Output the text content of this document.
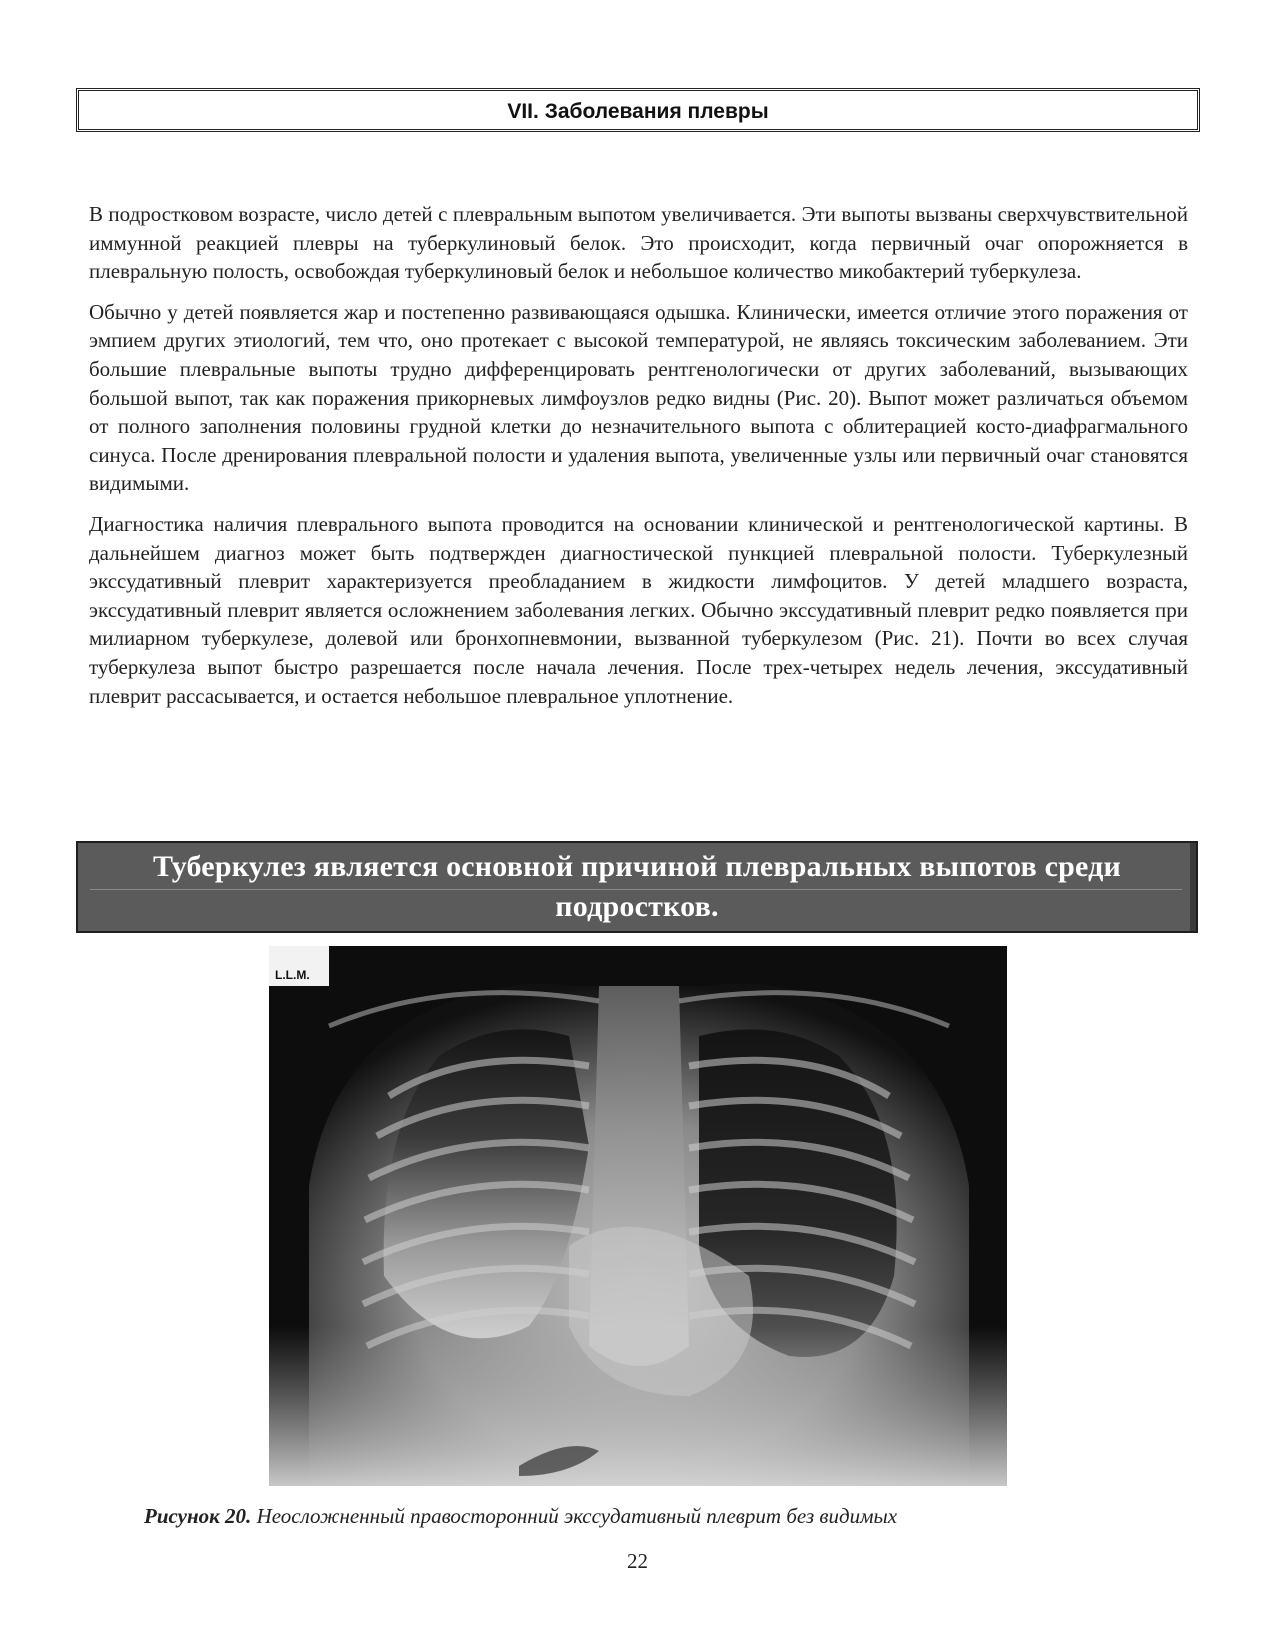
VII. Заболевания плевры

В подростковом возрасте, число детей с плевральным выпотом увеличивается. Эти выпоты вызваны сверхчувствительной иммунной реакцией плевры на туберкулиновый белок. Это происходит, когда первичный очаг опорожняется в плевральную полость, освобождая туберкулиновый белок и небольшое количество микобактерий туберкулеза.

Обычно у детей появляется жар и постепенно развивающаяся одышка. Клинически, имеется отличие этого поражения от эмпием других этиологий, тем что, оно протекает с высокой температурой, не являясь токсическим заболеванием. Эти большие плевральные выпоты трудно дифференцировать рентгенологически от других заболеваний, вызывающих большой выпот, так как поражения прикорневых лимфоузлов редко видны (Рис. 20). Выпот может различаться объемом от полного заполнения половины грудной клетки до незначительного выпота с облитерацией косто-диафрагмального синуса. После дренирования плевральной полости и удаления выпота, увеличенные узлы или первичный очаг становятся видимыми.

Диагностика наличия плеврального выпота проводится на основании клинической и рентгенологической картины. В дальнейшем диагноз может быть подтвержден диагностической пункцией плевральной полости. Туберкулезный экссудативный плеврит характеризуется преобладанием в жидкости лимфоцитов. У детей младшего возраста, экссудативный плеврит является осложнением заболевания легких. Обычно экссудативный плеврит редко появляется при милиарном туберкулезе, долевой или бронхопневмонии, вызванной туберкулезом (Рис. 21). Почти во всех случая туберкулеза выпот быстро разрешается после начала лечения. После трех-четырех недель лечения, экссудативный плеврит рассасывается, и остается небольшое плевральное уплотнение.

Туберкулез является основной причиной плевральных выпотов среди подростков.
L.L.M.
Рисунок 20. Неосложненный правосторонний экссудативный плеврит без видимых
22
